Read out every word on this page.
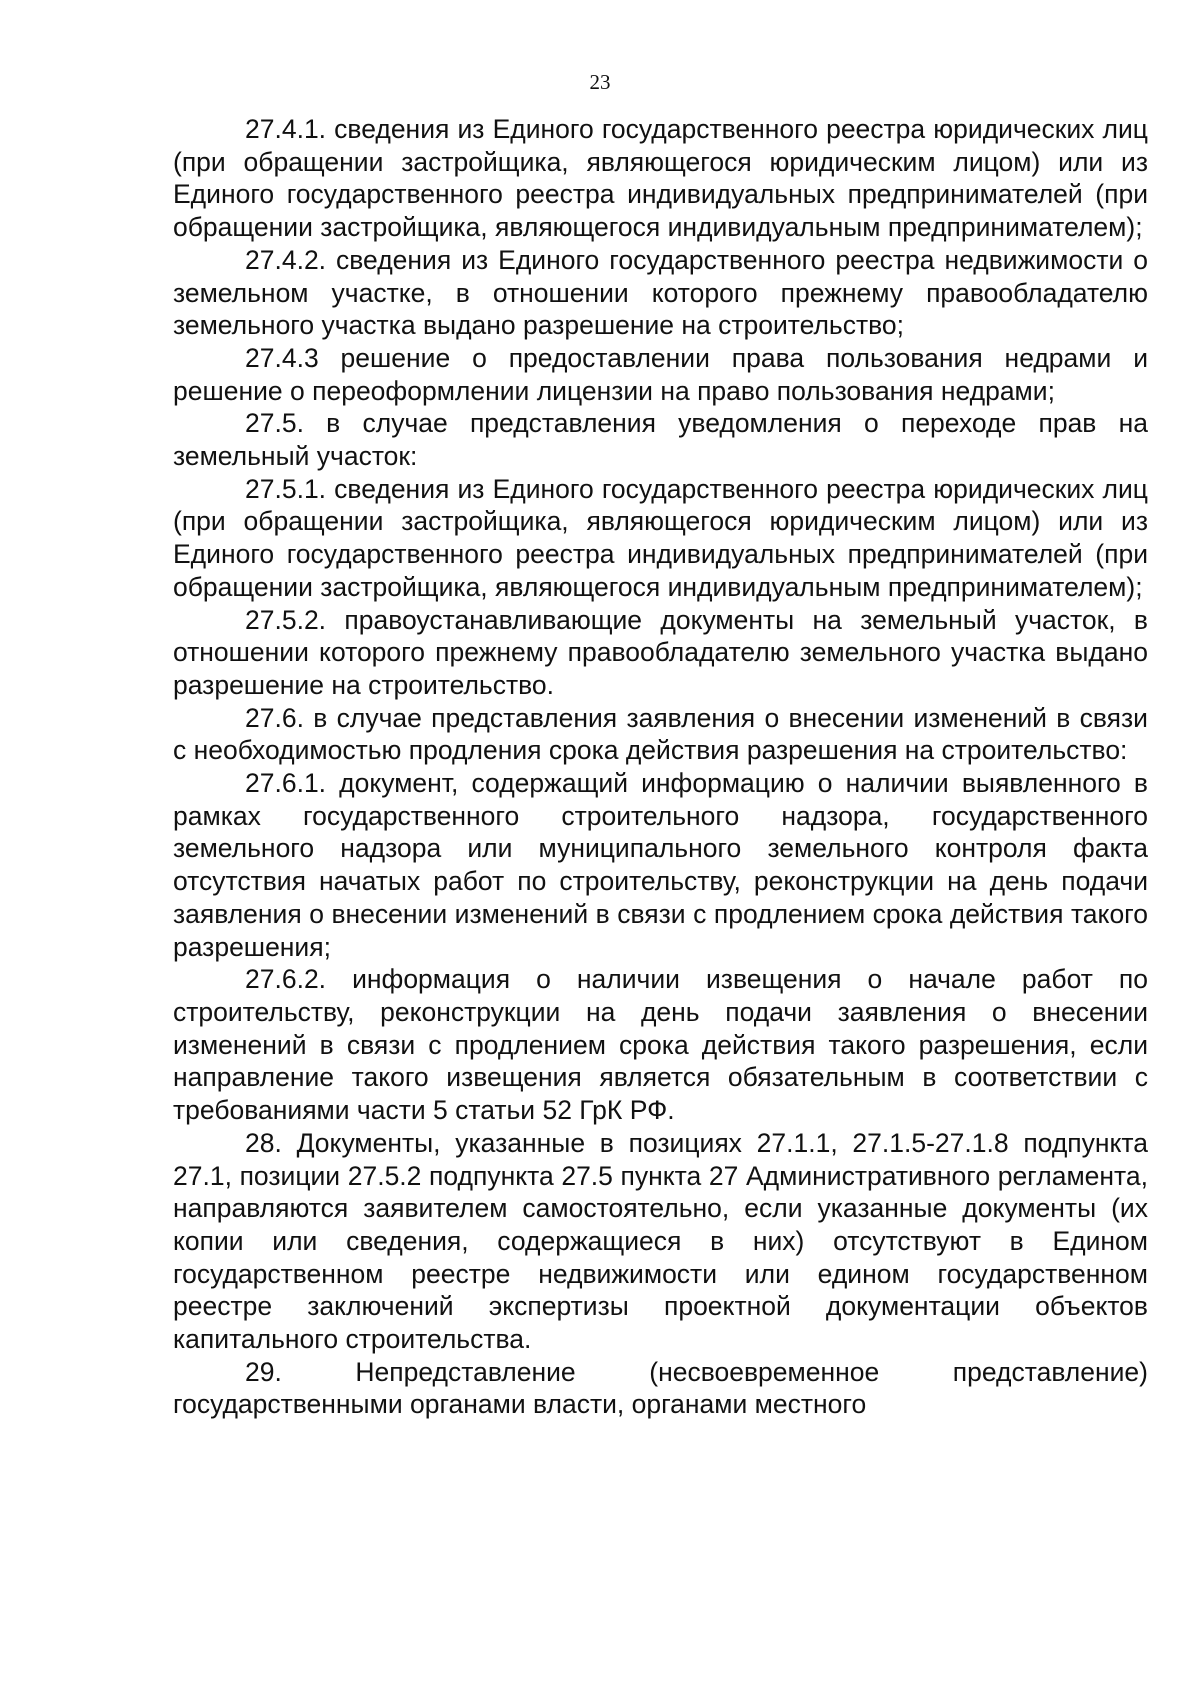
23

27.4.1. сведения из Единого государственного реестра юридических лиц (при обращении застройщика, являющегося юридическим лицом) или из Единого государственного реестра индивидуальных предпринимателей (при обращении застройщика, являющегося индивидуальным предпринимателем);

27.4.2. сведения из Единого государственного реестра недвижимости о земельном участке, в отношении которого прежнему правообладателю земельного участка выдано разрешение на строительство;

27.4.3 решение о предоставлении права пользования недрами и решение о переоформлении лицензии на право пользования недрами;

27.5. в случае представления уведомления о переходе прав на земельный участок:

27.5.1. сведения из Единого государственного реестра юридических лиц (при обращении застройщика, являющегося юридическим лицом) или из Единого государственного реестра индивидуальных предпринимателей (при обращении застройщика, являющегося индивидуальным предпринимателем);

27.5.2. правоустанавливающие документы на земельный участок, в отношении которого прежнему правообладателю земельного участка выдано разрешение на строительство.

27.6. в случае представления заявления о внесении изменений в связи с необходимостью продления срока действия разрешения на строительство:

27.6.1. документ, содержащий информацию о наличии выявленного в рамках государственного строительного надзора, государственного земельного надзора или муниципального земельного контроля факта отсутствия начатых работ по строительству, реконструкции на день подачи заявления о внесении изменений в связи с продлением срока действия такого разрешения;

27.6.2. информация о наличии извещения о начале работ по строительству, реконструкции на день подачи заявления о внесении изменений в связи с продлением срока действия такого разрешения, если направление такого извещения является обязательным в соответствии с требованиями части 5 статьи 52 ГрК РФ.

28. Документы, указанные в позициях 27.1.1, 27.1.5-27.1.8 подпункта 27.1, позиции 27.5.2 подпункта 27.5 пункта 27 Административного регламента, направляются заявителем самостоятельно, если указанные документы (их копии или сведения, содержащиеся в них) отсутствуют в Едином государственном реестре недвижимости или едином государственном реестре заключений экспертизы проектной документации объектов капитального строительства.

29. Непредставление (несвоевременное представление) государственными органами власти, органами местного
